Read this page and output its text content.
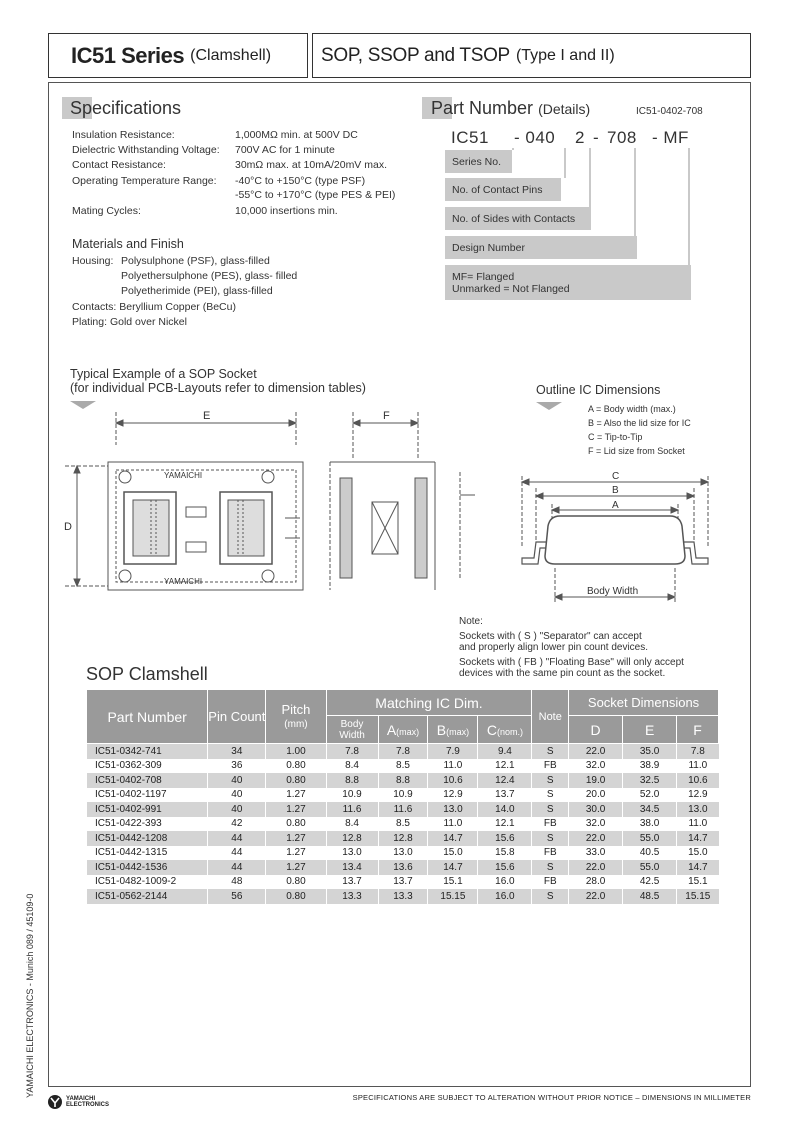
IC51 Series (Clamshell)	SOP, SSOP and TSOP (Type I and II)
Specifications
Insulation Resistance:	1,000MΩ min. at 500V DC
Dielectric Withstanding Voltage: 700V AC for 1 minute
Contact Resistance:	30mΩ max. at 10mA/20mV max.
Operating Temperature Range: -40°C to +150°C (type PSF)
-55°C to +170°C (type PES & PEI)
Mating Cycles:	10,000 insertions min.
Materials and Finish
Housing: Polysulphone (PSF), glass-filled
Polyethersulphone (PES), glass- filled
Polyetherimide (PEI), glass-filled
Contacts: Beryllium Copper (BeCu)
Plating: Gold over Nickel
Part Number (Details)	IC51-0402-708
IC51 - 040 2 - 708 - MF
Series No.
No. of Contact Pins
No. of Sides with Contacts
Design Number
MF= Flanged
Unmarked = Not Flanged
Typical Example of a SOP Socket
(for individual PCB-Layouts refer to dimension tables)
E	F
D
YAMAICHI
YAMAICHI
Outline IC Dimensions
A = Body width (max.)
B = Also the lid size for IC
C = Tip-to-Tip
F = Lid size from Socket
C
B
A
Body Width
Note:
Sockets with ( S ) "Separator" can accept
and properly align lower pin count devices.
Sockets with ( FB ) "Floating Base" will only accept
devices with the same pin count as the socket.
SOP Clamshell
Part Number	Pin Count	Pitch
(mm)	Matching IC Dim.				Note	Socket Dimensions		
			Body Width	A(max)	B(max)	C(nom.)		D	E	F
IC51-0342-741	34	1.00	7.8	7.8	7.9	9.4	S	22.0	35.0	7.8
IC51-0362-309	36	0.80	8.4	8.5	11.0	12.1	FB	32.0	38.9	11.0
IC51-0402-708	40	0.80	8.8	8.8	10.6	12.4	S	19.0	32.5	10.6
IC51-0402-1197	40	1.27	10.9	10.9	12.9	13.7	S	20.0	52.0	12.9
IC51-0402-991	40	1.27	11.6	11.6	13.0	14.0	S	30.0	34.5	13.0
IC51-0422-393	42	0.80	8.4	8.5	11.0	12.1	FB	32.0	38.0	11.0
IC51-0442-1208	44	1.27	12.8	12.8	14.7	15.6	S	22.0	55.0	14.7
IC51-0442-1315	44	1.27	13.0	13.0	15.0	15.8	FB	33.0	40.5	15.0
IC51-0442-1536	44	1.27	13.4	13.6	14.7	15.6	S	22.0	55.0	14.7
IC51-0482-1009-2	48	0.80	13.7	13.7	15.1	16.0	FB	28.0	42.5	15.1
IC51-0562-2144	56	0.80	13.3	13.3	15.15	16.0	S	22.0	48.5	15.15
YAMAICHI ELECTRONICS - Munich 089 / 45109-0
YAMAICHI ELECTRONICS
SPECIFICATIONS ARE SUBJECT TO ALTERATION WITHOUT PRIOR NOTICE – DIMENSIONS IN MILLIMETER
